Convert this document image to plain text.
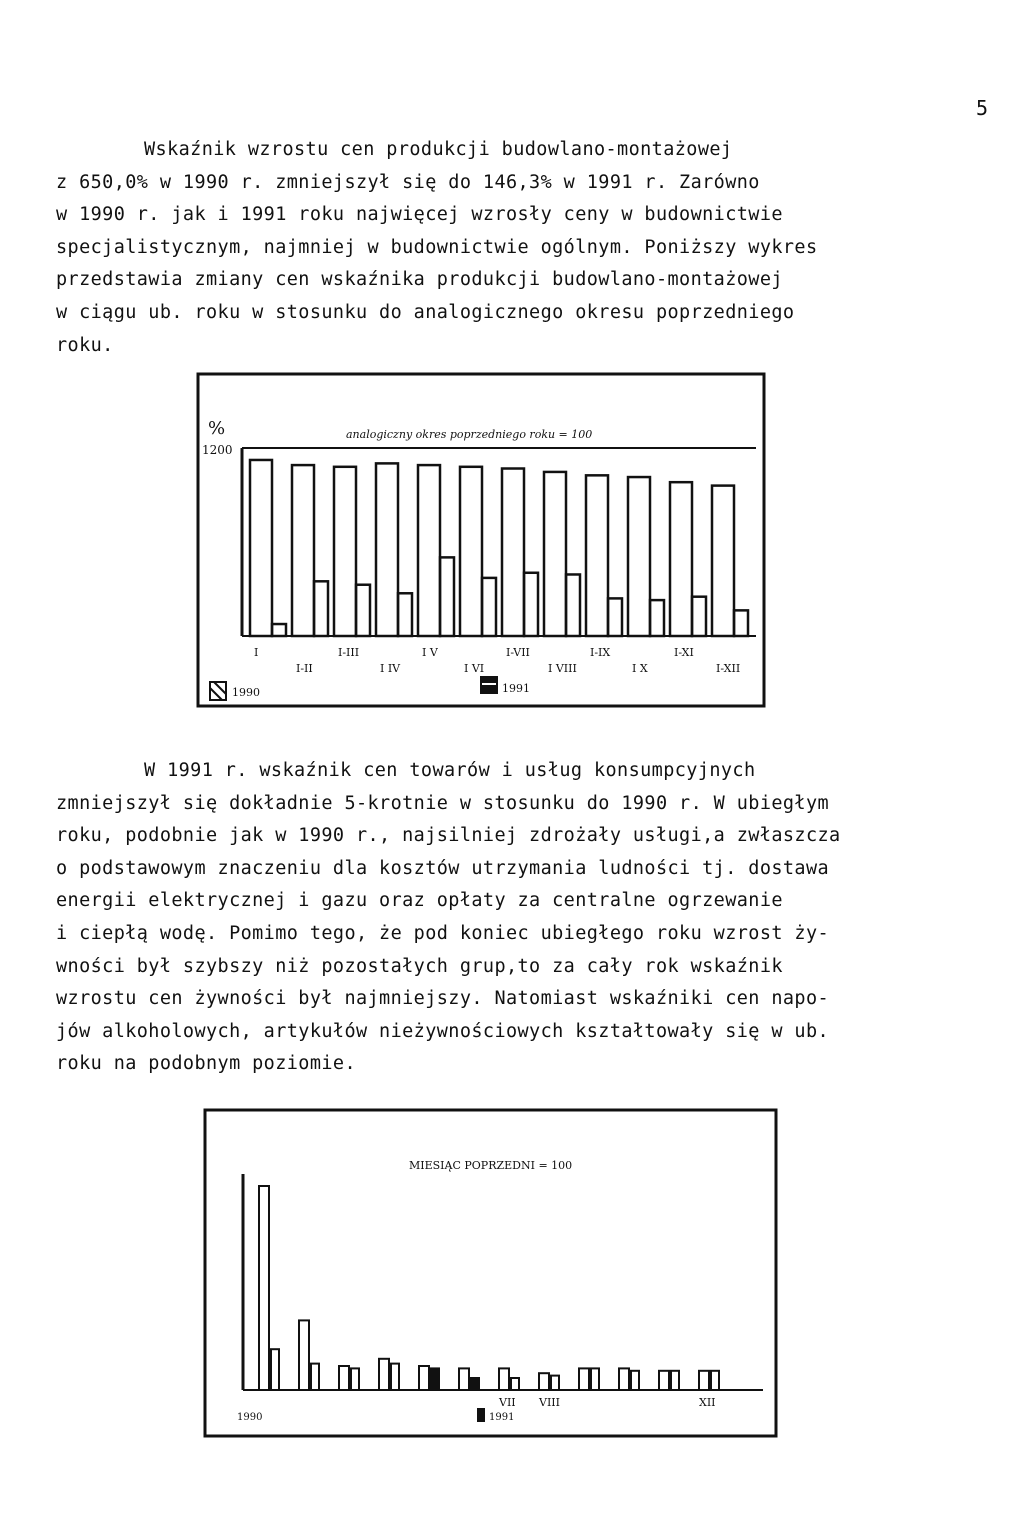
5

Wskaźnik wzrostu cen produkcji budowlano-montażowej
z 650,0% w 1990 r. zmniejszył się do 146,3% w 1991 r. Zarówno
w 1990 r. jak i 1991 roku najwięcej wzrosły ceny w budownictwie
specjalistycznym, najmniej w budownictwie ogólnym. Poniższy wykres
przedstawia zmiany cen wskaźnika produkcji budowlano-montażowej
w ciągu ub. roku w stosunku do analogicznego okresu poprzedniego
roku.

%
1200
analogiczny okres poprzedniego roku = 100
I
I-II
I-III
I IV
I V
I VI
I-VII
I VIII
I-IX
I X
I-XI
I-XII
1990	1991

W 1991 r. wskaźnik cen towarów i usług konsumpcyjnych
zmniejszył się dokładnie 5-krotnie w stosunku do 1990 r. W ubiegłym
roku, podobnie jak w 1990 r., najsilniej zdrożały usługi,a zwłaszcza
o podstawowym znaczeniu dla kosztów utrzymania ludności tj. dostawa
energii elektrycznej i gazu oraz opłaty za centralne ogrzewanie
i ciepłą wodę. Pomimo tego, że pod koniec ubiegłego roku wzrost ży-
wności był szybszy niż pozostałych grup,to za cały rok wskaźnik
wzrostu cen żywności był najmniejszy. Natomiast wskaźniki cen napo-
jów alkoholowych, artykułów nieżywnościowych kształtowały się w ub.
roku na podobnym poziomie.

MIESIĄC POPRZEDNI = 100
VII VIII	XII
1990	1991
